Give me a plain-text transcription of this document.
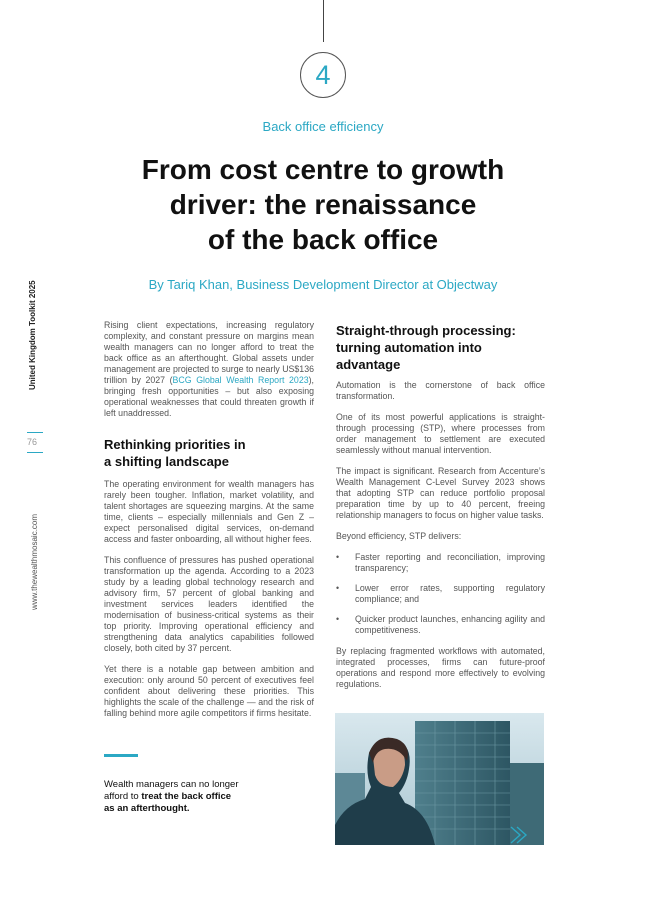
4
Back office efficiency
From cost centre to growth
driver: the renaissance
of the back office
By Tariq Khan, Business Development Director at Objectway
United Kingdom Toolkit 2025
76
www.thewealthmosaic.com

Rising client expectations, increasing regulatory complexity, and constant pressure on margins mean wealth managers can no longer afford to treat the back office as an afterthought. Global assets under management are projected to surge to nearly US$136 trillion by 2027 (BCG Global Wealth Report 2023), bringing fresh opportunities – but also exposing operational weaknesses that could threaten growth if left unaddressed.

Rethinking priorities in
a shifting landscape

The operating environment for wealth managers has rarely been tougher. Inflation, market volatility, and talent shortages are squeezing margins. At the same time, clients – especially millennials and Gen Z – expect personalised digital services, on-demand access and faster onboarding, all without higher fees.

This confluence of pressures has pushed operational transformation up the agenda. According to a 2023 study by a leading global technology research and advisory firm, 57 percent of global banking and investment services leaders identified the modernisation of business-critical systems as their top priority. Improving operational efficiency and strengthening data analytics capabilities followed closely, both cited by 37 percent.

Yet there is a notable gap between ambition and execution: only around 50 percent of executives feel confident about delivering these priorities. This highlights the scale of the challenge — and the risk of falling behind more agile competitors if firms hesitate.

Wealth managers can no longer
afford to treat the back office
as an afterthought.
Straight-through processing:
turning automation into
advantage

Automation is the cornerstone of back office transformation.

One of its most powerful applications is straight-through processing (STP), where processes from order management to settlement are executed seamlessly without manual intervention.

The impact is significant. Research from Accenture’s Wealth Management C-Level Survey 2023 shows that adopting STP can reduce portfolio proposal preparation time by up to 40 percent, freeing relationship managers to focus on higher value tasks.

Beyond efficiency, STP delivers:

• Faster reporting and reconciliation, improving transparency;
• Lower error rates, supporting regulatory compliance; and
• Quicker product launches, enhancing agility and competitiveness.

By replacing fragmented workflows with automated, integrated processes, firms can future-proof operations and respond more effectively to evolving regulations.
